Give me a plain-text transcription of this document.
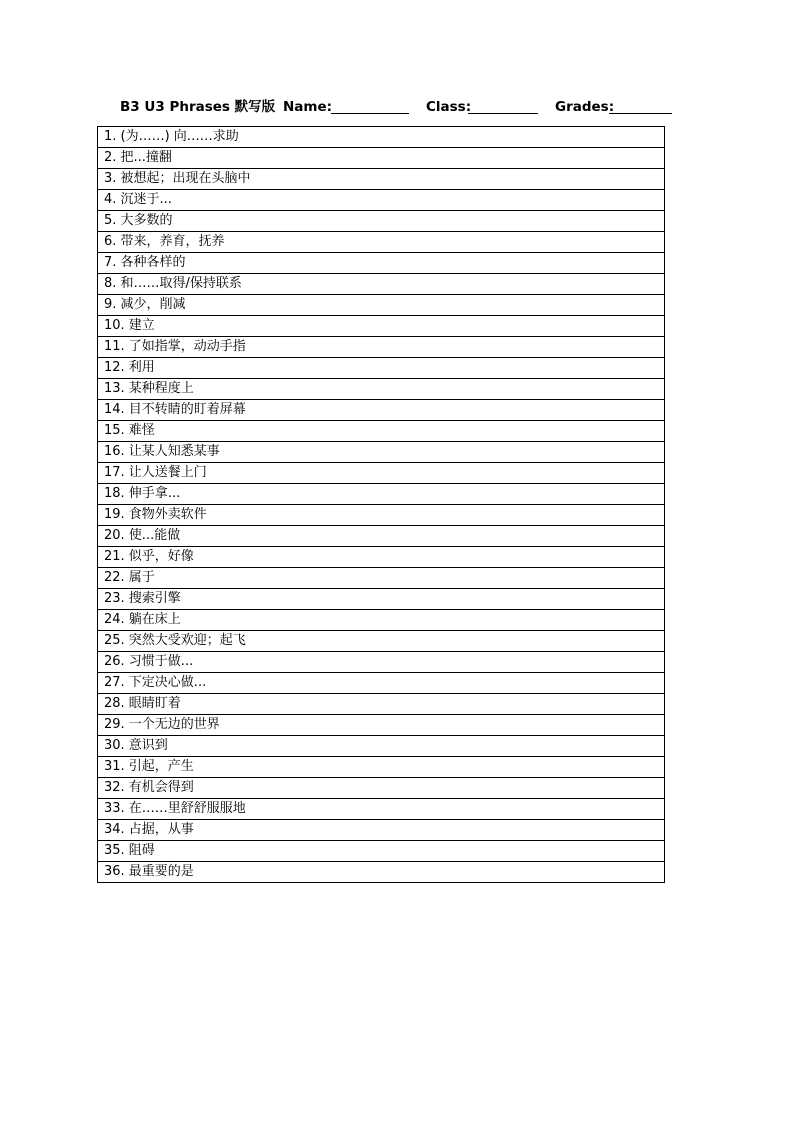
B3 U3 Phrases 默写版 Name:	Class:	Grades:
1. (为……) 向……求助
2. 把...撞翻
3. 被想起；出现在头脑中
4. 沉迷于...
5. 大多数的
6. 带来，养育，抚养
7. 各种各样的
8. 和……取得/保持联系
9. 减少，削减
10. 建立
11. 了如指掌，动动手指
12. 利用
13. 某种程度上
14. 目不转睛的盯着屏幕
15. 难怪
16. 让某人知悉某事
17. 让人送餐上门
18. 伸手拿...
19. 食物外卖软件
20. 使...能做
21. 似乎，好像
22. 属于
23. 搜索引擎
24. 躺在床上
25. 突然大受欢迎；起飞
26. 习惯于做...
27. 下定决心做...
28. 眼睛盯着
29. 一个无边的世界
30. 意识到
31. 引起，产生
32. 有机会得到
33. 在……里舒舒服服地
34. 占据，从事
35. 阻碍
36. 最重要的是
